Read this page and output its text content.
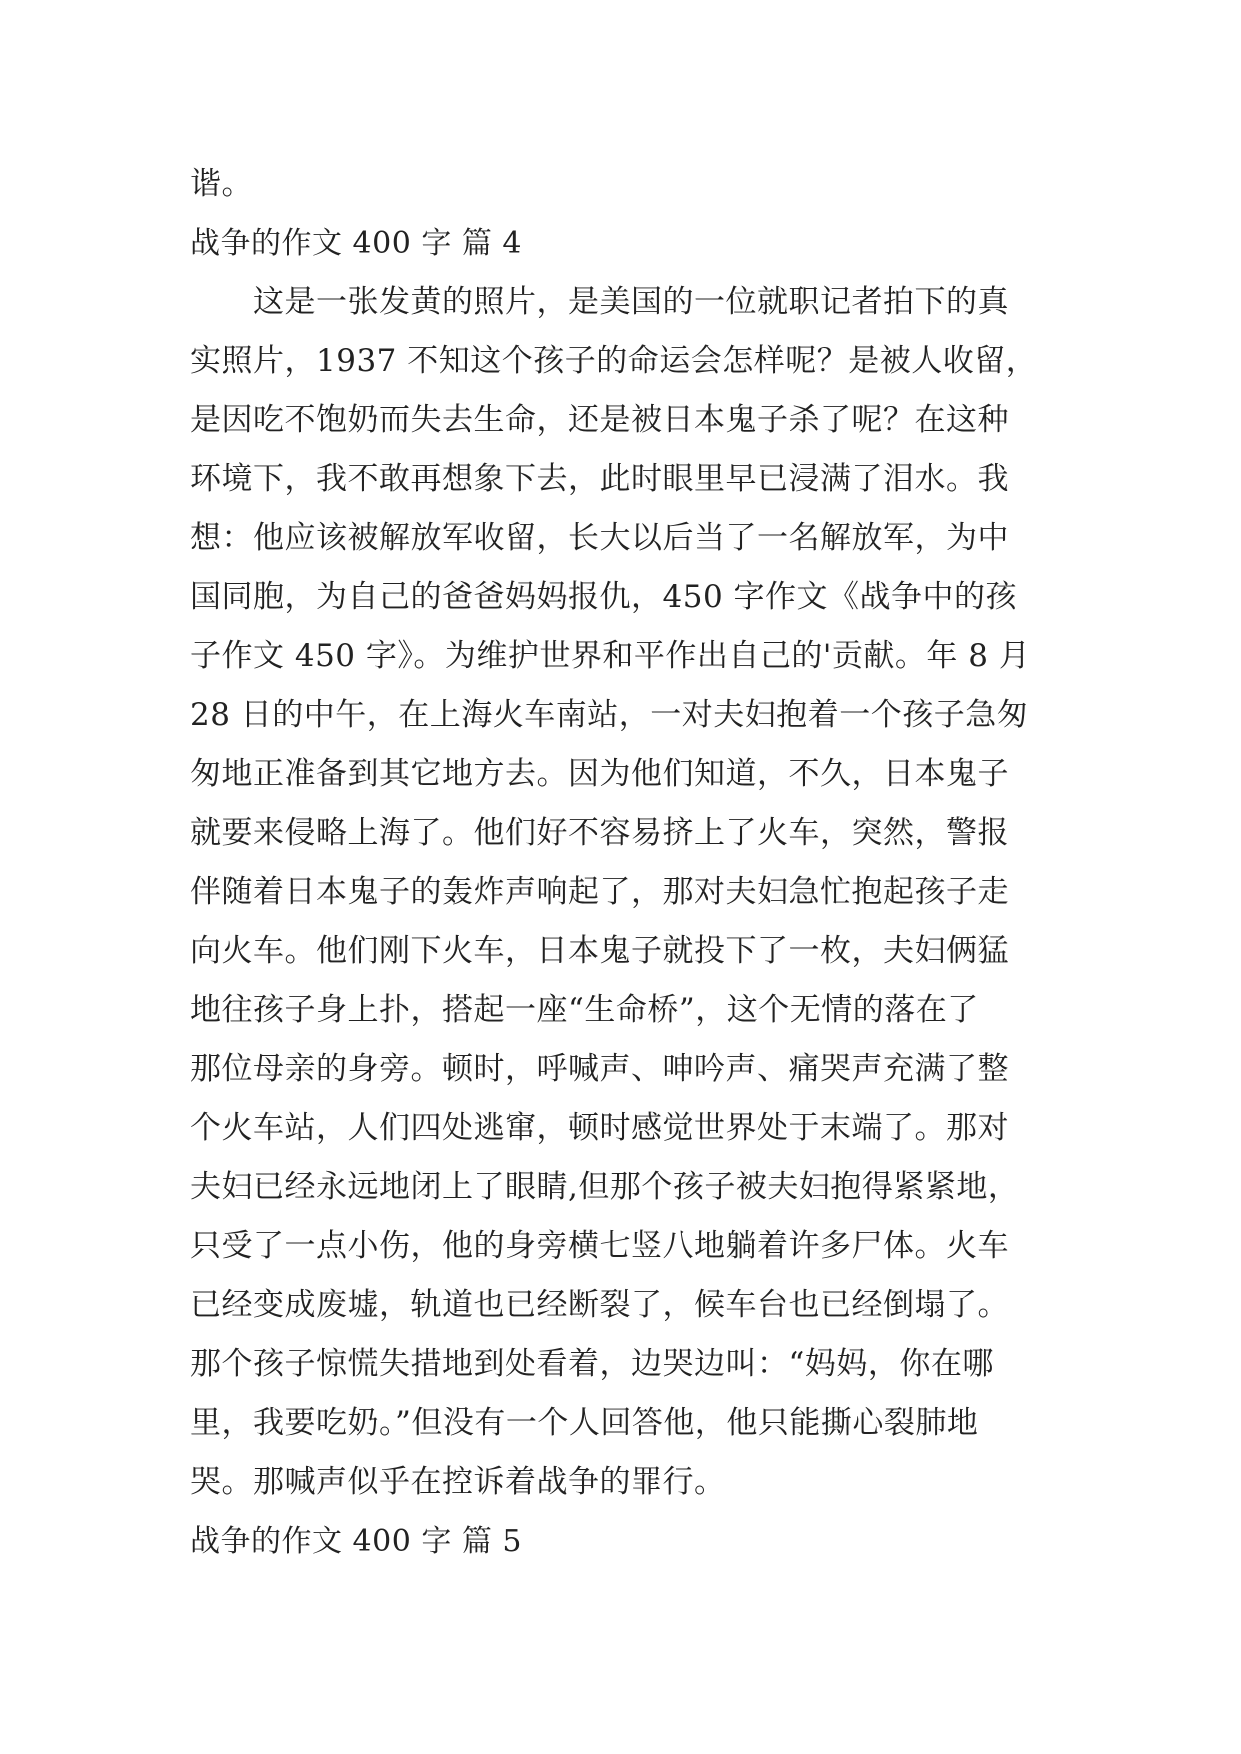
谐。
战争的作文 400 字 篇 4
　　这是一张发黄的照片，是美国的一位就职记者拍下的真
实照片，1937 不知这个孩子的命运会怎样呢？是被人收留，
是因吃不饱奶而失去生命，还是被日本鬼子杀了呢？在这种
环境下，我不敢再想象下去，此时眼里早已浸满了泪水。我
想：他应该被解放军收留，长大以后当了一名解放军，为中
国同胞，为自己的爸爸妈妈报仇，450 字作文《战争中的孩
子作文 450 字》。为维护世界和平作出自己的'贡献。年 8 月
28 日的中午，在上海火车南站，一对夫妇抱着一个孩子急匆
匆地正准备到其它地方去。因为他们知道，不久，日本鬼子
就要来侵略上海了。他们好不容易挤上了火车，突然，警报
伴随着日本鬼子的轰炸声响起了，那对夫妇急忙抱起孩子走
向火车。他们刚下火车，日本鬼子就投下了一枚，夫妇俩猛
地往孩子身上扑，搭起一座“生命桥”，这个无情的落在了
那位母亲的身旁。顿时，呼喊声、呻吟声、痛哭声充满了整
个火车站，人们四处逃窜，顿时感觉世界处于末端了。那对
夫妇已经永远地闭上了眼睛,但那个孩子被夫妇抱得紧紧地，
只受了一点小伤，他的身旁横七竖八地躺着许多尸体。火车
已经变成废墟，轨道也已经断裂了，候车台也已经倒塌了。
那个孩子惊慌失措地到处看着，边哭边叫：“妈妈，你在哪
里，我要吃奶。”但没有一个人回答他，他只能撕心裂肺地
哭。那喊声似乎在控诉着战争的罪行。
战争的作文 400 字 篇 5
